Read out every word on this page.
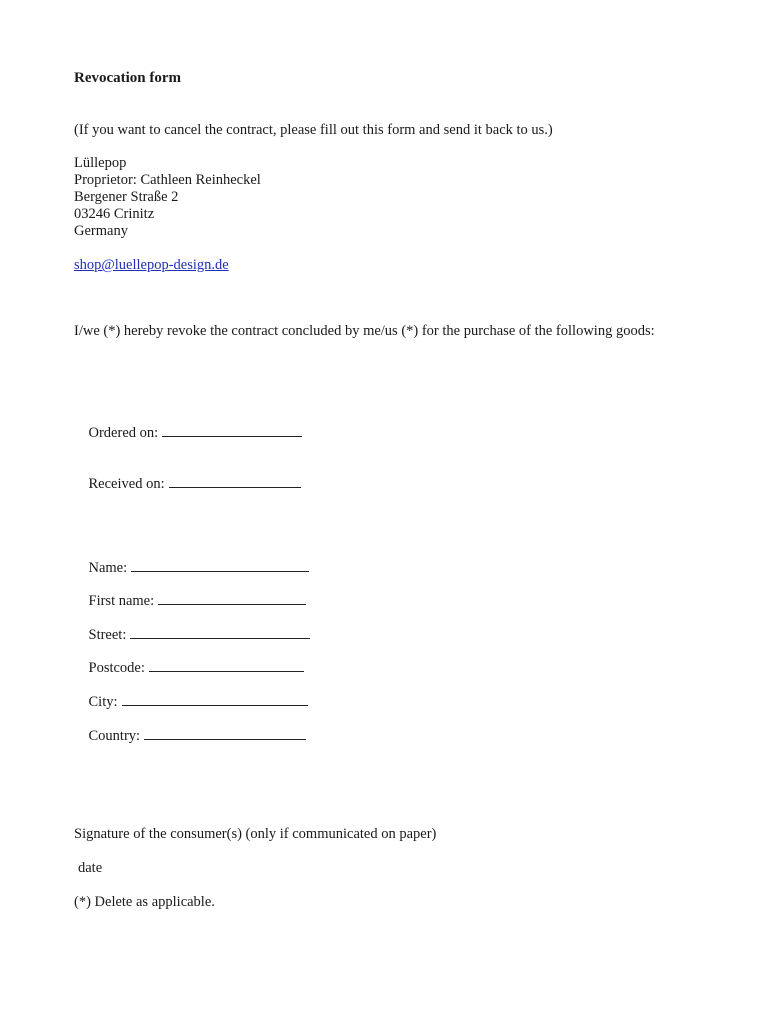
Revocation form
(If you want to cancel the contract, please fill out this form and send it back to us.)
Lüllepop
Proprietor: Cathleen Reinheckel
Bergener Straße 2
03246 Crinitz
Germany
shop@luellepop-design.de
I/we (*) hereby revoke the contract concluded by me/us (*) for the purchase of the following goods:

Ordered on:

Received on:

Name:

First name:

Street:

Postcode:

City:

Country:

Signature of the consumer(s) (only if communicated on paper)
date
(*) Delete as applicable.
